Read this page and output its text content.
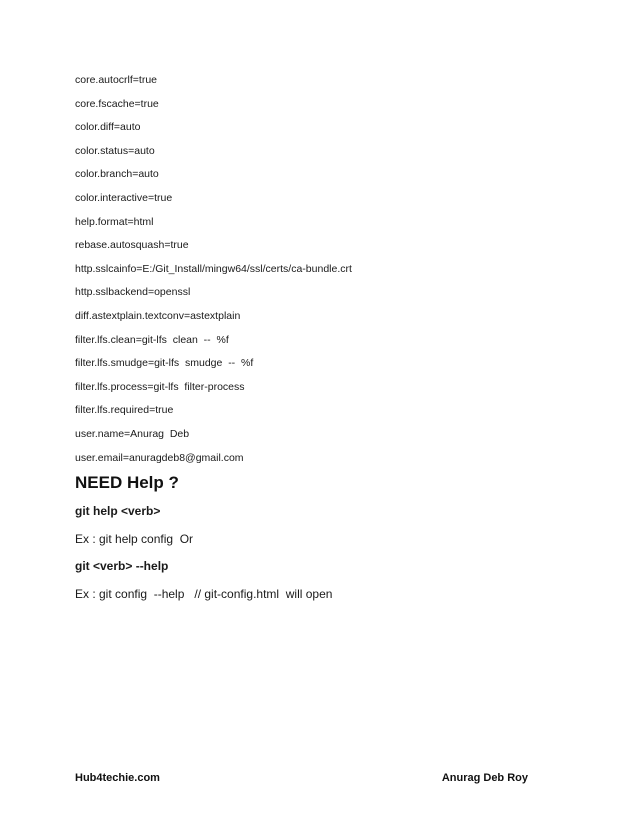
core.autocrlf=true
core.fscache=true
color.diff=auto
color.status=auto
color.branch=auto
color.interactive=true
help.format=html
rebase.autosquash=true
http.sslcainfo=E:/Git_Install/mingw64/ssl/certs/ca-bundle.crt
http.sslbackend=openssl
diff.astextplain.textconv=astextplain
filter.lfs.clean=git-lfs  clean  --  %f
filter.lfs.smudge=git-lfs  smudge  --  %f
filter.lfs.process=git-lfs  filter-process
filter.lfs.required=true
user.name=Anurag  Deb
user.email=anuragdeb8@gmail.com
NEED Help ?

git help <verb>

Ex : git help config  Or

git <verb> --help

Ex : git config  --help   // git-config.html  will open

Hub4techie.com	Anurag Deb Roy
